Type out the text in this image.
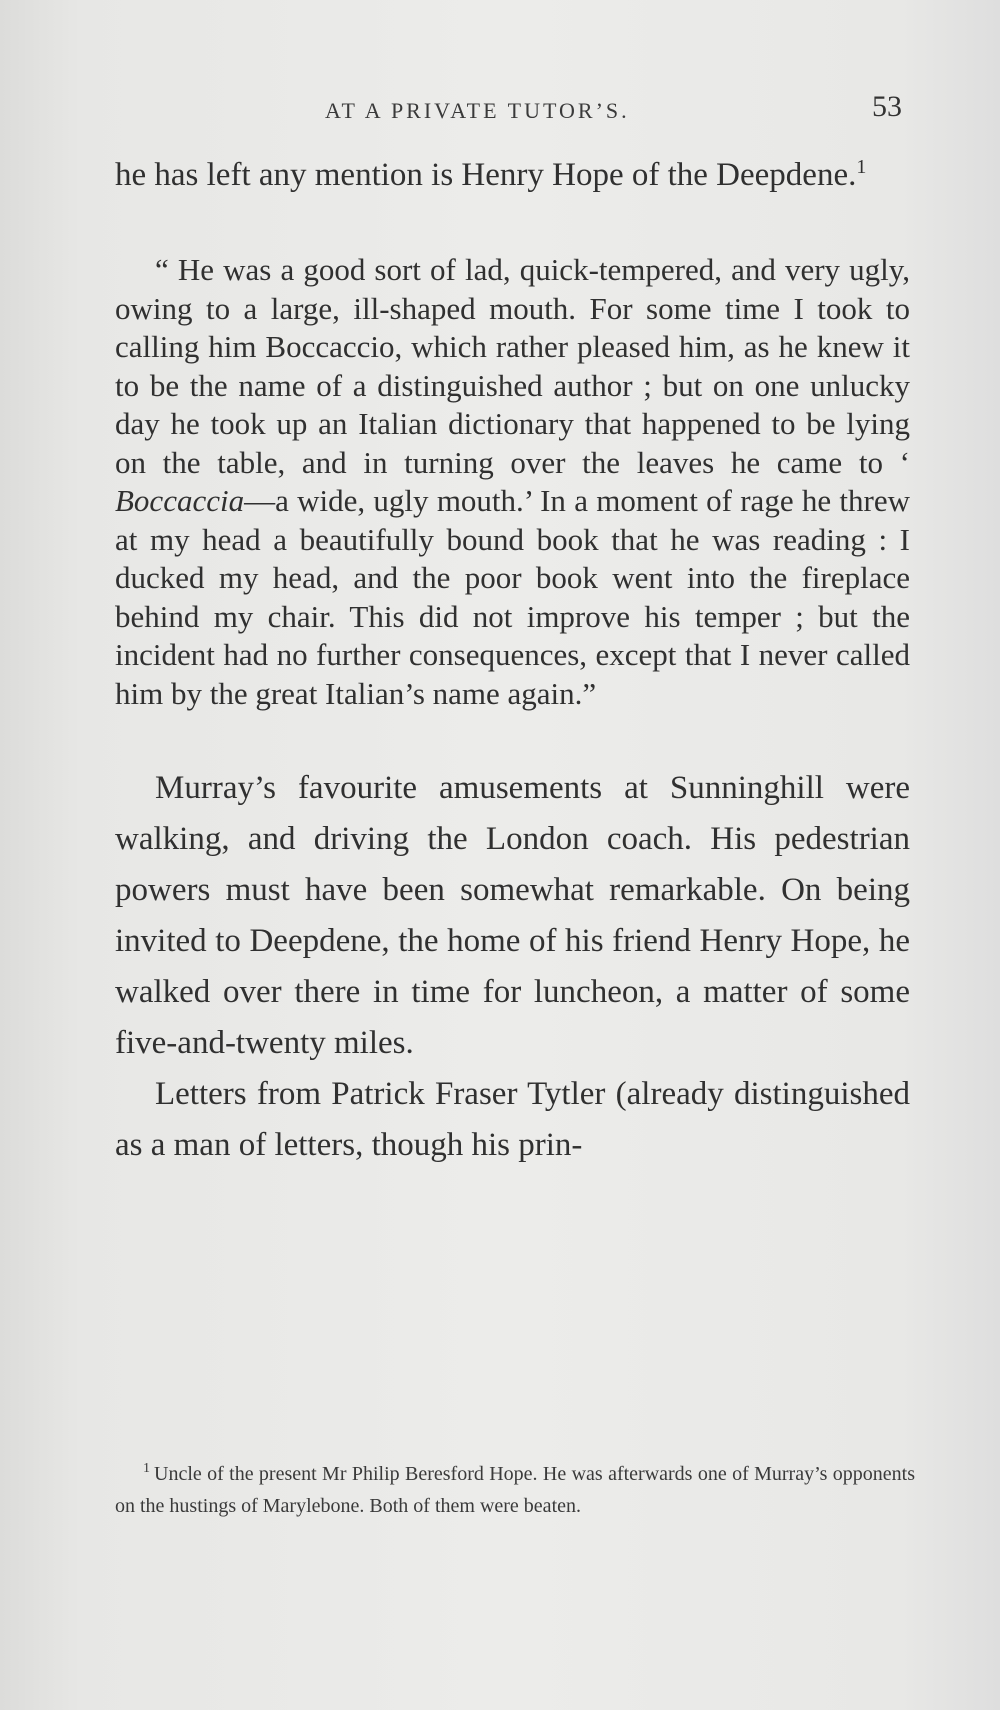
AT A PRIVATE TUTOR’S.	53

he has left any mention is Henry Hope of the Deepdene.$^1$

“ He was a good sort of lad, quick-tempered, and very ugly, owing to a large, ill-shaped mouth. For some time I took to calling him Boccaccio, which rather pleased him, as he knew it to be the name of a distinguished author ; but on one unlucky day he took up an Italian dictionary that happened to be lying on the table, and in turning over the leaves he came to ‘ Boccaccia—a wide, ugly mouth.’ In a moment of rage he threw at my head a beautifully bound book that he was reading : I ducked my head, and the poor book went into the fireplace behind my chair. This did not improve his temper ; but the incident had no further consequences, except that I never called him by the great Italian’s name again.”

Murray’s favourite amusements at Sunninghill were walking, and driving the London coach. His pedestrian powers must have been somewhat remarkable. On being invited to Deepdene, the home of his friend Henry Hope, he walked over there in time for luncheon, a matter of some five-and-twenty miles.

Letters from Patrick Fraser Tytler (already distinguished as a man of letters, though his prin-

$^1$ Uncle of the present Mr Philip Beresford Hope. He was afterwards one of Murray’s opponents on the hustings of Marylebone. Both of them were beaten.
